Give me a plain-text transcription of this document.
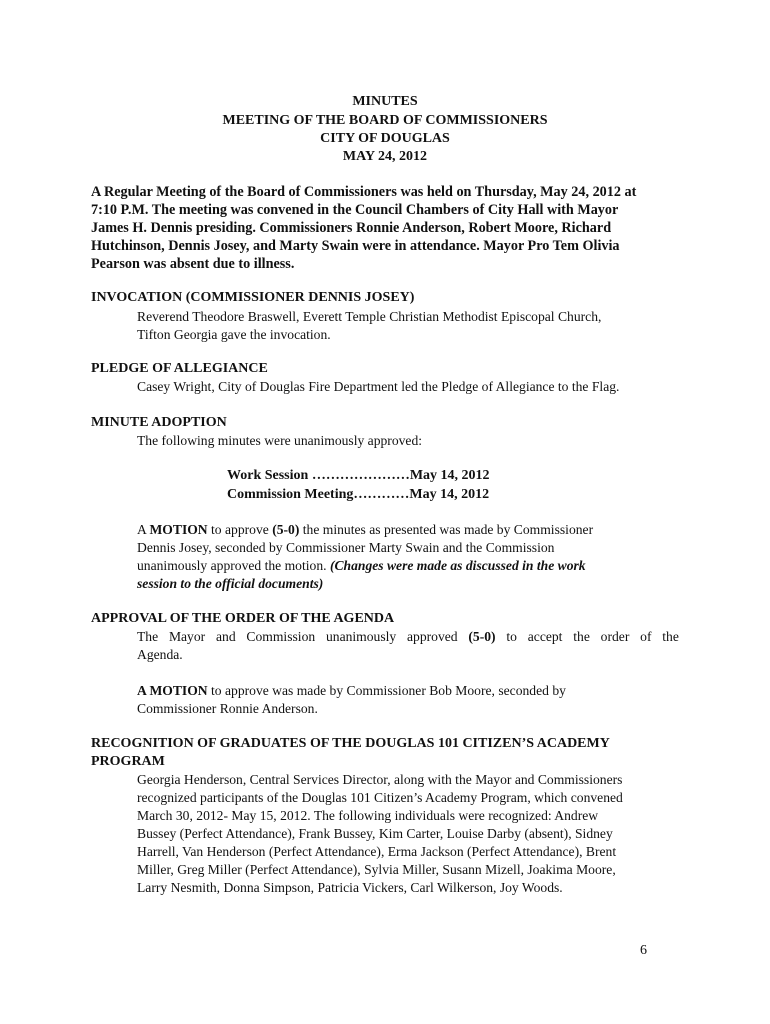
MINUTES
MEETING OF THE BOARD OF COMMISSIONERS
CITY OF DOUGLAS
MAY 24, 2012
A Regular Meeting of the Board of Commissioners was held on Thursday, May 24, 2012 at
7:10 P.M. The meeting was convened in the Council Chambers of City Hall with Mayor
James H. Dennis presiding. Commissioners Ronnie Anderson, Robert Moore, Richard
Hutchinson, Dennis Josey, and Marty Swain were in attendance. Mayor Pro Tem Olivia
Pearson was absent due to illness.
INVOCATION (COMMISSIONER DENNIS JOSEY)
Reverend Theodore Braswell, Everett Temple Christian Methodist Episcopal Church,
Tifton Georgia gave the invocation.
PLEDGE OF ALLEGIANCE
Casey Wright, City of Douglas Fire Department led the Pledge of Allegiance to the Flag.
MINUTE ADOPTION
The following minutes were unanimously approved:
Work Session …………………May 14, 2012
Commission Meeting…………May 14, 2012
A MOTION to approve (5-0) the minutes as presented was made by Commissioner
Dennis Josey, seconded by Commissioner Marty Swain and the Commission
unanimously approved the motion. (Changes were made as discussed in the work
session to the official documents)
APPROVAL OF THE ORDER OF THE AGENDA
The Mayor and Commission unanimously approved (5-0) to accept the order of the
Agenda.
A MOTION to approve was made by Commissioner Bob Moore, seconded by
Commissioner Ronnie Anderson.
RECOGNITION OF GRADUATES OF THE DOUGLAS 101 CITIZEN’S ACADEMY
PROGRAM
Georgia Henderson, Central Services Director, along with the Mayor and Commissioners
recognized participants of the Douglas 101 Citizen’s Academy Program, which convened
March 30, 2012- May 15, 2012. The following individuals were recognized: Andrew
Bussey (Perfect Attendance), Frank Bussey, Kim Carter, Louise Darby (absent), Sidney
Harrell, Van Henderson (Perfect Attendance), Erma Jackson (Perfect Attendance), Brent
Miller, Greg Miller (Perfect Attendance), Sylvia Miller, Susann Mizell, Joakima Moore,
Larry Nesmith, Donna Simpson, Patricia Vickers, Carl Wilkerson, Joy Woods.
6
